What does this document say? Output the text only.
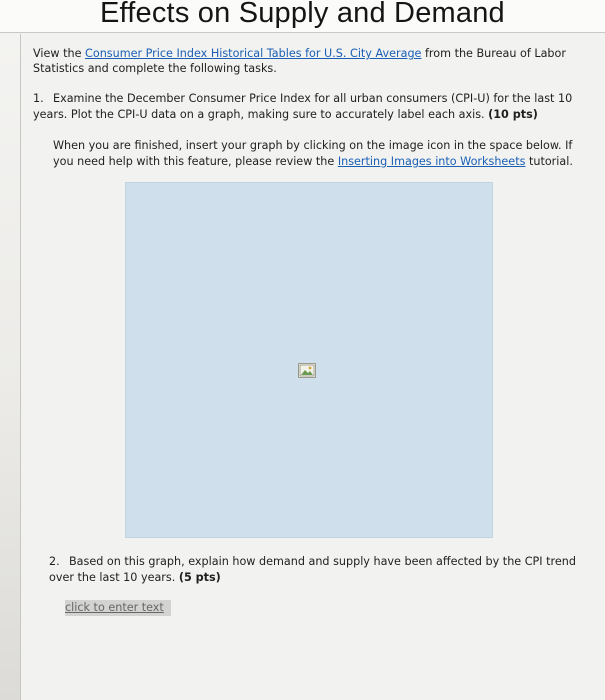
Effects on Supply and Demand

View the Consumer Price Index Historical Tables for U.S. City Average from the Bureau of Labor Statistics and complete the following tasks.

1. Examine the December Consumer Price Index for all urban consumers (CPI-U) for the last 10 years. Plot the CPI-U data on a graph, making sure to accurately label each axis. (10 pts)
When you are finished, insert your graph by clicking on the image icon in the space below. If you need help with this feature, please review the Inserting Images into Worksheets tutorial.
2. Based on this graph, explain how demand and supply have been affected by the CPI trend over the last 10 years. (5 pts)
click to enter text
